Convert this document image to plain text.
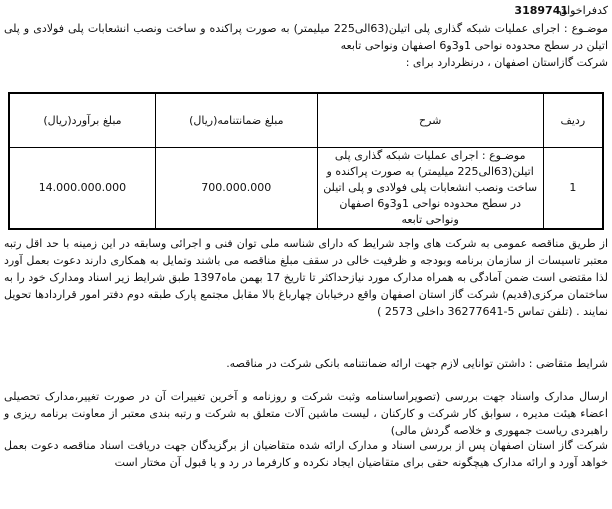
کدفراخوان
3189741

موضـوع : اجرای عملیات شبکه گذاری پلی اتیلن(63الی225 میلیمتر) به صورت پراکنده و ساخت ونصب انشعابات پلی فولادی و پلی اتیلن در سطح محدوده نواحی 1و3و6 اصفهان ونواحی تابعه

شرکت گازاستان اصفهان ، درنظردارد برای :

ردیف	شرح	مبلغ ضمانتنامه(ریال)	مبلغ برآورد(ریال)
1	موضـوع : اجرای عملیات شبکه گذاری پلی اتیلن(63الی225 میلیمتر) به صورت پراکنده و ساخت ونصب انشعابات پلی فولادی و پلی اتیلن در سطح محدوده نواحی 1و3و6 اصفهان ونواحی تابعه	700.000.000	14.000.000.000

از طریق مناقصه عمومی به شرکت های واجد شرایط که دارای شناسه ملی توان فنی و اجرائی وسابقه در این زمینه با حد اقل رتبه معتبر تاسیسات از سازمان برنامه وبودجه و ظرفیت خالی در سقف مبلغ مناقصه می باشند وتمایل به همکاری دارند دعوت بعمل آورد لذا مقتضی است ضمن آمادگی به همراه مدارک مورد نیازحداکثر تا تاریخ 17 بهمن ماه1397 طبق شرایط زیر اسناد ومدارک خود را به ساختمان مرکزی(قدیم) شرکت گاز استان اصفهان واقع درخیابان چهارباغ بالا مقابل مجتمع پارک طبقه دوم دفتر امور قراردادها تحویل نمایند . (تلفن تماس 5-36277641 داخلی 2573 )

شرایط متقاضی : داشتن توانایی لازم جهت ارائه ضمانتنامه بانکی شرکت در مناقصه.

ارسال مدارک واسناد جهت بررسی (تصویراساسنامه وثبت شرکت و روزنامه و آخرین تغییرات آن در صورت تغییر،مدارک تحصیلی اعضاء هیئت مدیره ، سوابق کار شرکت و کارکنان ، لیست ماشین آلات متعلق به شرکت و رتبه بندی معتبر از معاونت برنامه ریزی و راهبردی ریاست جمهوری و خلاصه گردش مالی)

شرکت گاز استان اصفهان پس از بررسی اسناد و مدارک ارائه شده متقاضیان از برگزیدگان جهت دریافت اسناد مناقصه دعوت بعمل خواهد آورد و ارائه مدارک هیچگونه حقی برای متقاضیان ایجاد نکرده و کارفرما در رد و یا قبول آن مختار است
